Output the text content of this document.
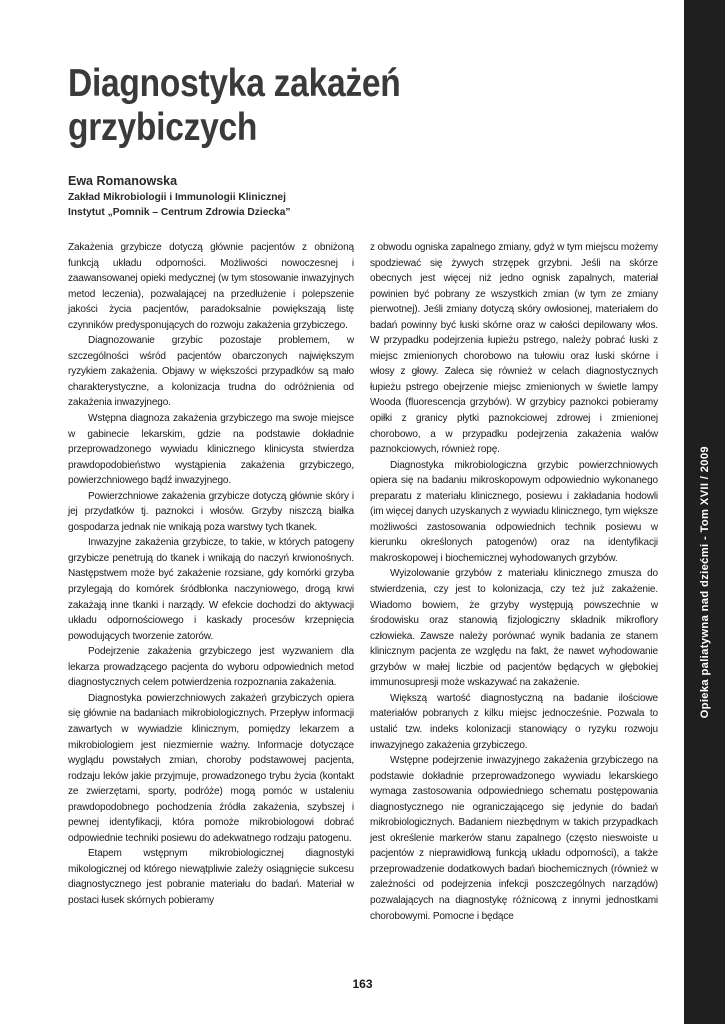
Opieka paliatywna nad dziećmi - Tom XVII / 2009
Diagnostyka zakażeń
grzybiczych

Ewa Romanowska

Zakład Mikrobiologii i Immunologii Klinicznej

Instytut „Pomnik – Centrum Zdrowia Dziecka”

Zakażenia grzybicze dotyczą głównie pacjentów z obniżoną funkcją układu odporności. Możliwości nowoczesnej i zaawansowanej opieki medycznej (w tym stosowanie inwazyjnych metod leczenia), pozwalającej na przedłużenie i polepszenie jakości życia pacjentów, paradoksalnie powiększają listę czynników predysponujących do rozwoju zakażenia grzybiczego.

Diagnozowanie grzybic pozostaje problemem, w szczególności wśród pacjentów obarczonych największym ryzykiem zakażenia. Objawy w większości przypadków są mało charakterystyczne, a kolonizacja trudna do odróżnienia od zakażenia inwazyjnego.

Wstępna diagnoza zakażenia grzybiczego ma swoje miejsce w gabinecie lekarskim, gdzie na podstawie dokładnie przeprowadzonego wywiadu klinicznego klinicysta stwierdza prawdopodobieństwo wystąpienia zakażenia grzybiczego, powierzchniowego bądź inwazyjnego.

Powierzchniowe zakażenia grzybicze dotyczą głównie skóry i jej przydatków tj. paznokci i włosów. Grzyby niszczą białka gospodarza jednak nie wnikają poza warstwy tych tkanek.

Inwazyjne zakażenia grzybicze, to takie, w których patogeny grzybicze penetrują do tkanek i wnikają do naczyń krwionośnych. Następstwem może być zakażenie rozsiane, gdy komórki grzyba przylegają do komórek śródbłonka naczyniowego, drogą krwi zakażają inne tkanki i narządy. W efekcie dochodzi do aktywacji układu odpornościowego i kaskady procesów krzepnięcia powodujących tworzenie zatorów.

Podejrzenie zakażenia grzybiczego jest wyzwaniem dla lekarza prowadzącego pacjenta do wyboru odpowiednich metod diagnostycznych celem potwierdzenia rozpoznania zakażenia.

Diagnostyka powierzchniowych zakażeń grzybiczych opiera się głównie na badaniach mikrobiologicznych. Przepływ informacji zawartych w wywiadzie klinicznym, pomiędzy lekarzem a mikrobiologiem jest niezmiernie ważny. Informacje dotyczące wyglądu powstałych zmian, choroby podstawowej pacjenta, rodzaju leków jakie przyjmuje, prowadzonego trybu życia (kontakt ze zwierzętami, sporty, podróże) mogą pomóc w ustaleniu prawdopodobnego pochodzenia źródła zakażenia, szybszej i pewnej identyfikacji, która pomoże mikrobiologowi dobrać odpowiednie techniki posiewu do adekwatnego rodzaju patogenu.

Etapem wstępnym mikrobiologicznej diagnostyki mikologicznej od którego niewątpliwie zależy osiągnięcie sukcesu diagnostycznego jest pobranie materiału do badań. Materiał w postaci łusek skórnych pobieramy

z obwodu ogniska zapalnego zmiany, gdyż w tym miejscu możemy spodziewać się żywych strzępek grzybni. Jeśli na skórze obecnych jest więcej niż jedno ognisk zapalnych, materiał powinien być pobrany ze wszystkich zmian (w tym ze zmiany pierwotnej). Jeśli zmiany dotyczą skóry owłosionej, materiałem do badań powinny być łuski skórne oraz w całości depilowany włos. W przypadku podejrzenia łupieżu pstrego, należy pobrać łuski z miejsc zmienionych chorobowo na tułowiu oraz łuski skórne i włosy z głowy. Zaleca się również w celach diagnostycznych łupieżu pstrego obejrzenie miejsc zmienionych w świetle lampy Wooda (fluorescencja grzybów). W grzybicy paznokci pobieramy opiłki z granicy płytki paznokciowej zdrowej i zmienionej chorobowo, a w przypadku podejrzenia zakażenia wałów paznokciowych, również ropę.

Diagnostyka mikrobiologiczna grzybic powierzchniowych opiera się na badaniu mikroskopowym odpowiednio wykonanego preparatu z materiału klinicznego, posiewu i zakładania hodowli (im więcej danych uzyskanych z wywiadu klinicznego, tym większe możliwości zastosowania odpowiednich technik posiewu w kierunku określonych patogenów) oraz na identyfikacji makroskopowej i biochemicznej wyhodowanych grzybów.

Wyizolowanie grzybów z materiału klinicznego zmusza do stwierdzenia, czy jest to kolonizacja, czy też już zakażenie. Wiadomo bowiem, że grzyby występują powszechnie w środowisku oraz stanowią fizjologiczny składnik mikroflory człowieka. Zawsze należy porównać wynik badania ze stanem klinicznym pacjenta ze względu na fakt, że nawet wyhodowanie grzybów w małej liczbie od pacjentów będących w głębokiej immunosupresji może wskazywać na zakażenie.

Większą wartość diagnostyczną na badanie ilościowe materiałów pobranych z kilku miejsc jednocześnie. Pozwala to ustalić tzw. indeks kolonizacji stanowiący o ryzyku rozwoju inwazyjnego zakażenia grzybiczego.

Wstępne podejrzenie inwazyjnego zakażenia grzybiczego na podstawie dokładnie przeprowadzonego wywiadu lekarskiego wymaga zastosowania odpowiedniego schematu postępowania diagnostycznego nie ograniczającego się jedynie do badań mikrobiologicznych. Badaniem niezbędnym w takich przypadkach jest określenie markerów stanu zapalnego (często nieswoiste u pacjentów z nieprawidłową funkcją układu odporności), a także przeprowadzenie dodatkowych badań biochemicznych (również w zależności od podejrzenia infekcji poszczególnych narządów) pozwalających na diagnostykę różnicową z innymi jednostkami chorobowymi. Pomocne i będące

163
